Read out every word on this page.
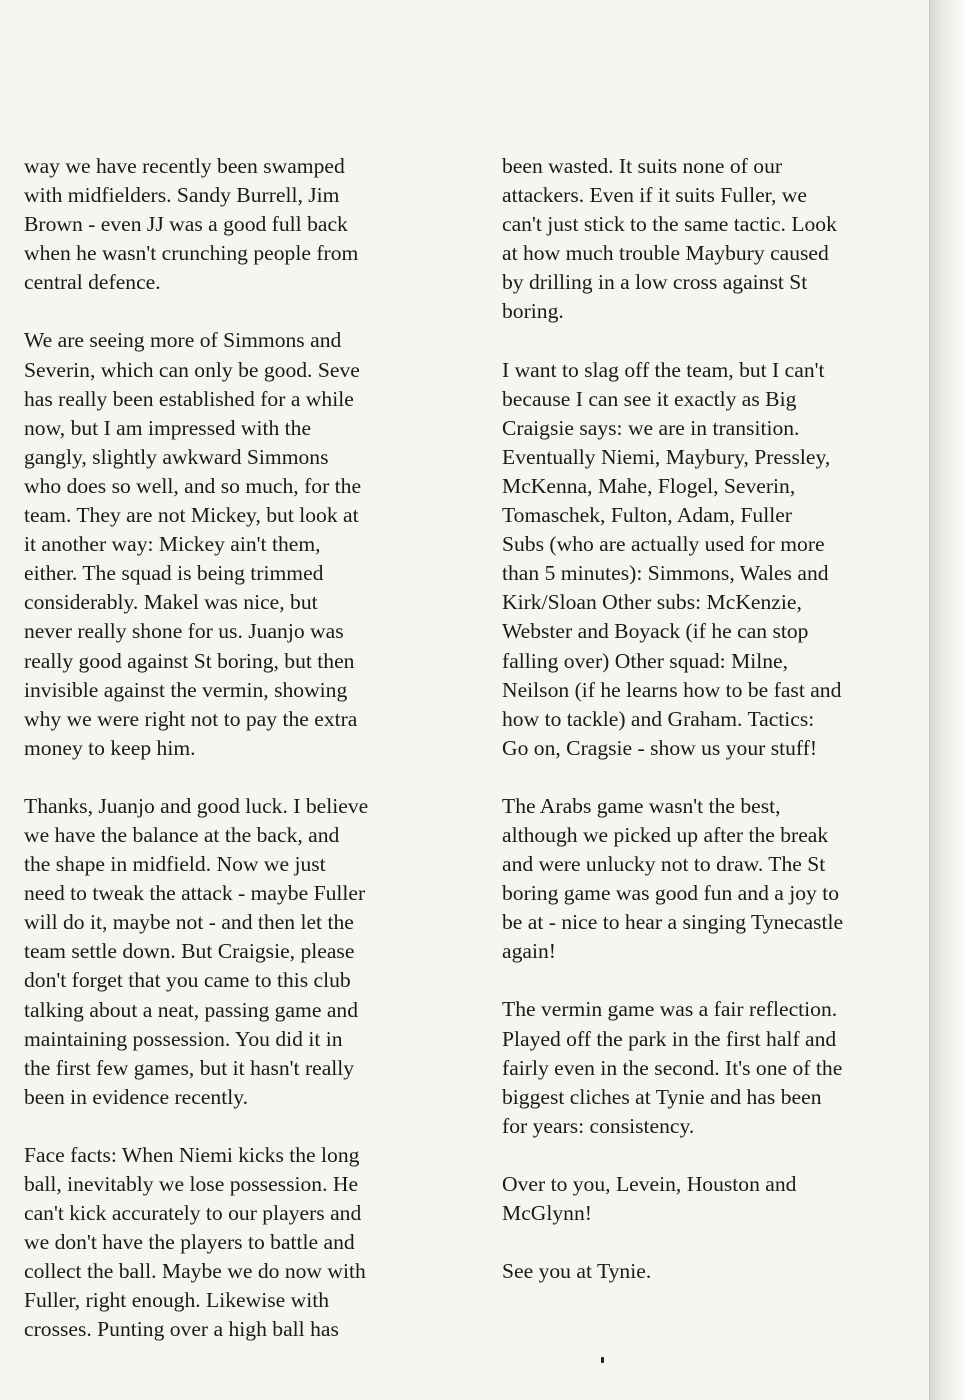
way we have recently been swamped
with midfielders. Sandy Burrell, Jim
Brown - even JJ was a good full back
when he wasn't crunching people from
central defence.
We are seeing more of Simmons and
Severin, which can only be good. Seve
has really been established for a while
now, but I am impressed with the
gangly, slightly awkward Simmons
who does so well, and so much, for the
team. They are not Mickey, but look at
it another way: Mickey ain't them,
either. The squad is being trimmed
considerably. Makel was nice, but
never really shone for us. Juanjo was
really good against St boring, but then
invisible against the vermin, showing
why we were right not to pay the extra
money to keep him.
Thanks, Juanjo and good luck. I believe
we have the balance at the back, and
the shape in midfield. Now we just
need to tweak the attack - maybe Fuller
will do it, maybe not - and then let the
team settle down. But Craigsie, please
don't forget that you came to this club
talking about a neat, passing game and
maintaining possession. You did it in
the first few games, but it hasn't really
been in evidence recently.
Face facts: When Niemi kicks the long
ball, inevitably we lose possession. He
can't kick accurately to our players and
we don't have the players to battle and
collect the ball. Maybe we do now with
Fuller, right enough. Likewise with
crosses. Punting over a high ball has
been wasted. It suits none of our
attackers. Even if it suits Fuller, we
can't just stick to the same tactic. Look
at how much trouble Maybury caused
by drilling in a low cross against St
boring.
I want to slag off the team, but I can't
because I can see it exactly as Big
Craigsie says: we are in transition.
Eventually Niemi, Maybury, Pressley,
McKenna, Mahe, Flogel, Severin,
Tomaschek, Fulton, Adam, Fuller
Subs (who are actually used for more
than 5 minutes): Simmons, Wales and
Kirk/Sloan Other subs: McKenzie,
Webster and Boyack (if he can stop
falling over) Other squad: Milne,
Neilson (if he learns how to be fast and
how to tackle) and Graham. Tactics:
Go on, Cragsie - show us your stuff!
The Arabs game wasn't the best,
although we picked up after the break
and were unlucky not to draw. The St
boring game was good fun and a joy to
be at - nice to hear a singing Tynecastle
again!
The vermin game was a fair reflection.
Played off the park in the first half and
fairly even in the second. It's one of the
biggest cliches at Tynie and has been
for years: consistency.
Over to you, Levein, Houston and
McGlynn!
See you at Tynie.
